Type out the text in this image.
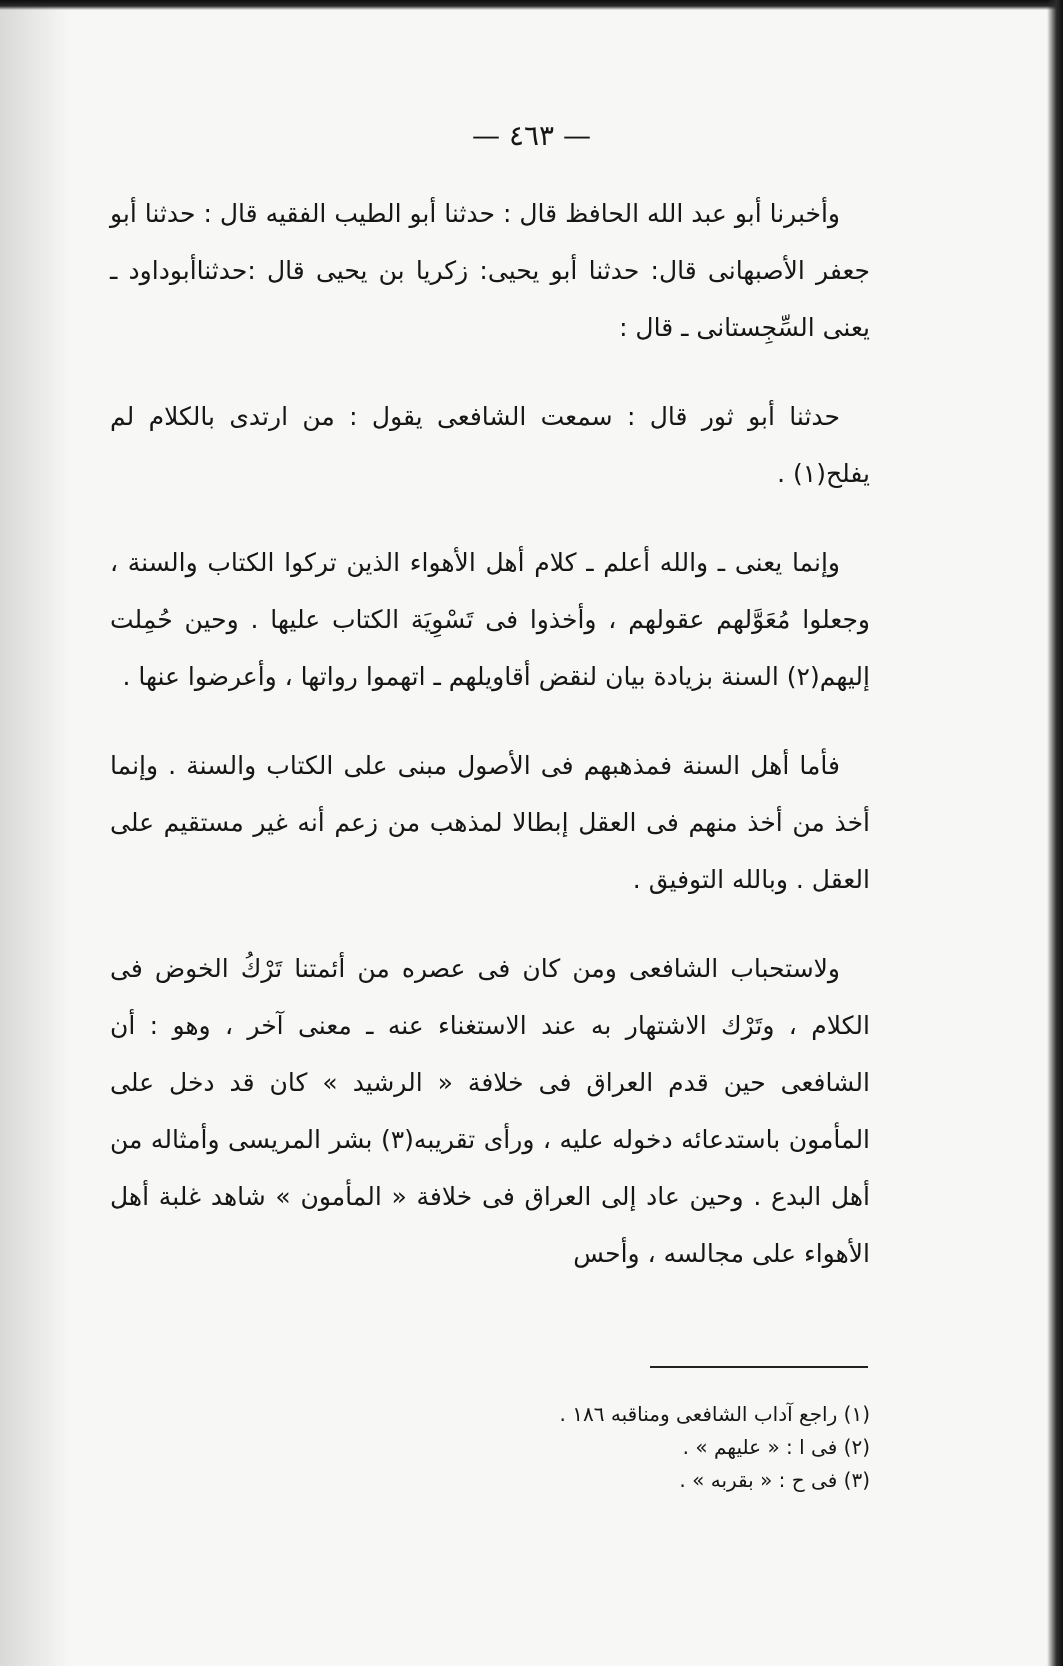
— ٤٦٣ —

وأخبرنا أبو عبد الله الحافظ قال : حدثنا أبو الطيب الفقيه قال : حدثنا أبو جعفر الأصبهانى قال: حدثنا أبو يحيى: زكريا بن يحيى قال :حدثناأبوداود ـ يعنى السِّجِستانى ـ قال :

حدثنا أبو ثور قال : سمعت الشافعى يقول : من ارتدى بالكلام لم يفلح(١) .

وإنما يعنى ـ والله أعلم ـ كلام أهل الأهواء الذين تركوا الكتاب والسنة ، وجعلوا مُعَوَّلهم عقولهم ، وأخذوا فى تَسْوِيَة الكتاب عليها . وحين حُمِلت إليهم(٢) السنة بزيادة بيان لنقض أقاويلهم ـ اتهموا رواتها ، وأعرضوا عنها .

فأما أهل السنة فمذهبهم فى الأصول مبنى على الكتاب والسنة . وإنما أخذ من أخذ منهم فى العقل إبطالا لمذهب من زعم أنه غير مستقيم على العقل . وبالله التوفيق .

ولاستحباب الشافعى ومن كان فى عصره من أئمتنا تَرْكُ الخوض فى الكلام ، وتَرْك الاشتهار به عند الاستغناء عنه ـ معنى آخر ، وهو : أن الشافعى حين قدم العراق فى خلافة « الرشيد » كان قد دخل على المأمون باستدعائه دخوله عليه ، ورأى تقريبه(٣) بشر المريسى وأمثاله من أهل البدع . وحين عاد إلى العراق فى خلافة « المأمون » شاهد غلبة أهل الأهواء على مجالسه ، وأحس

(١) راجع آداب الشافعى ومناقبه ١٨٦ .

(٢) فى ا : « عليهم » .

(٣) فى ح : « بقربه » .
